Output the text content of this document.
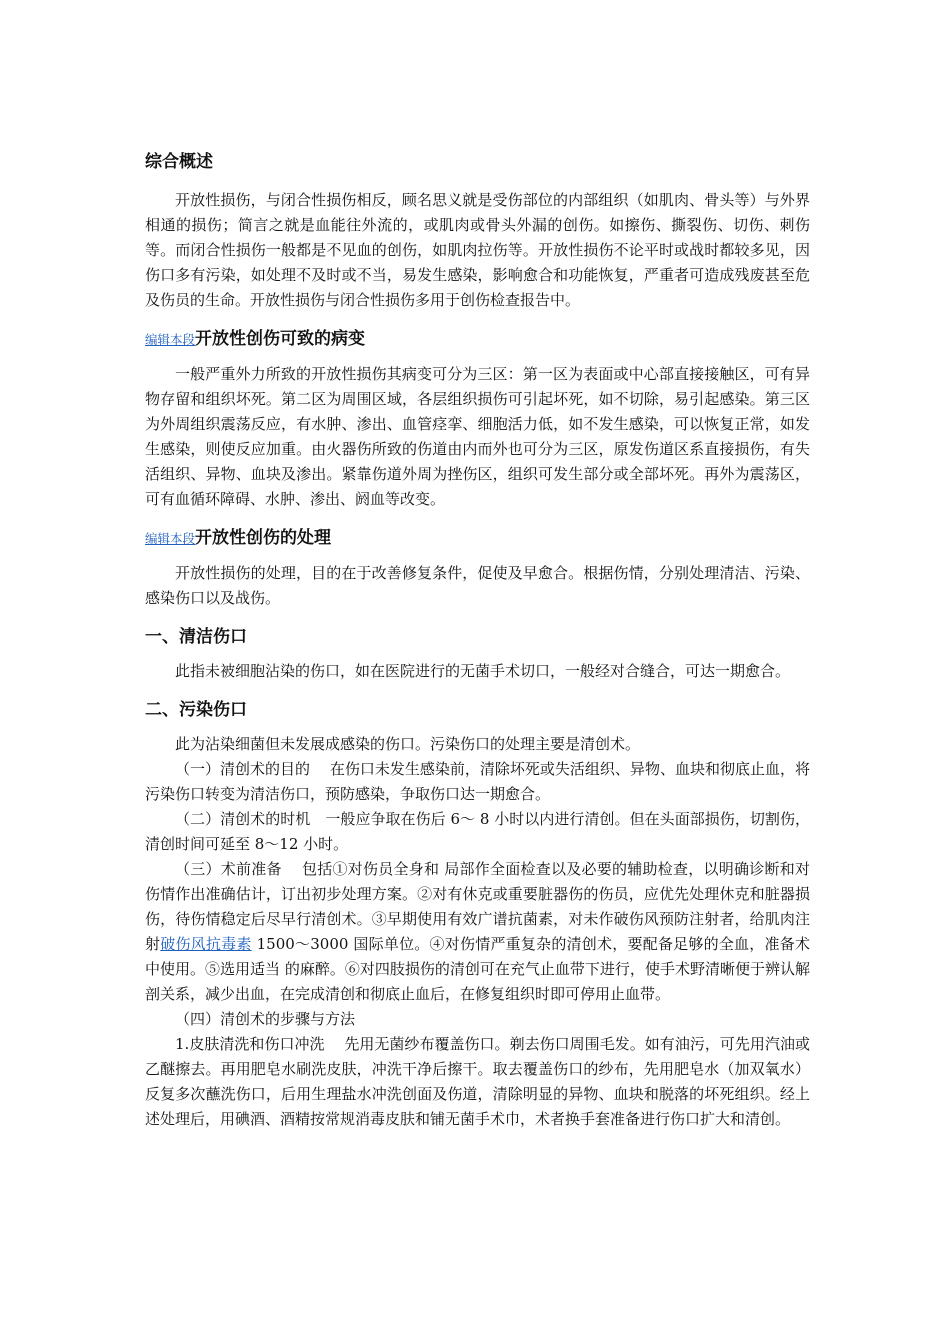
综合概述

开放性损伤，与闭合性损伤相反，顾名思义就是受伤部位的内部组织（如肌肉、骨头等）与外界相通的损伤；简言之就是血能往外流的，或肌肉或骨头外漏的创伤。如擦伤、撕裂伤、切伤、刺伤等。而闭合性损伤一般都是不见血的创伤，如肌肉拉伤等。开放性损伤不论平时或战时都较多见，因伤口多有污染，如处理不及时或不当，易发生感染，影响愈合和功能恢复，严重者可造成残废甚至危及伤员的生命。开放性损伤与闭合性损伤多用于创伤检查报告中。

编辑本段开放性创伤可致的病变

一般严重外力所致的开放性损伤其病变可分为三区：第一区为表面或中心部直接接触区，可有异物存留和组织坏死。第二区为周围区域，各层组织损伤可引起坏死，如不切除，易引起感染。第三区为外周组织震荡反应，有水肿、渗出、血管痉挛、细胞活力低，如不发生感染，可以恢复正常，如发生感染，则使反应加重。由火器伤所致的伤道由内而外也可分为三区，原发伤道区系直接损伤，有失活组织、异物、血块及渗出。紧靠伤道外周为挫伤区，组织可发生部分或全部坏死。再外为震荡区，可有血循环障碍、水肿、渗出、阏血等改变。

编辑本段开放性创伤的处理

开放性损伤的处理，目的在于改善修复条件，促使及早愈合。根据伤情，分别处理清洁、污染、感染伤口以及战伤。

一、清洁伤口

此指未被细胞沾染的伤口，如在医院进行的无菌手术切口，一般经对合缝合，可达一期愈合。

二、污染伤口

此为沾染细菌但未发展成感染的伤口。污染伤口的处理主要是清创术。

（一）清创术的目的　 在伤口未发生感染前，清除坏死或失活组织、异物、血块和彻底止血，将污染伤口转变为清洁伤口，预防感染，争取伤口达一期愈合。

（二）清创术的时机　一般应争取在伤后 6～ 8 小时以内进行清创。但在头面部损伤，切割伤，清创时间可延至 8～12 小时。

（三）术前准备　 包括①对伤员全身和 局部作全面检查以及必要的辅助检查，以明确诊断和对伤情作出准确估计，订出初步处理方案。②对有休克或重要脏器伤的伤员，应优先处理休克和脏器损伤，待伤情稳定后尽早行清创术。③早期使用有效广谱抗菌素，对未作破伤风预防注射者，给肌肉注射破伤风抗毒素 1500～3000 国际单位。④对伤情严重复杂的清创术，要配备足够的全血，准备术中使用。⑤选用适当 的麻醉。⑥对四肢损伤的清创可在充气止血带下进行，使手术野清晰便于辨认解剖关系，减少出血，在完成清创和彻底止血后，在修复组织时即可停用止血带。

（四）清创术的步骤与方法

1.皮肤清洗和伤口冲洗　 先用无菌纱布覆盖伤口。剃去伤口周围毛发。如有油污，可先用汽油或乙醚擦去。再用肥皂水刷洗皮肤，冲洗干净后擦干。取去覆盖伤口的纱布，先用肥皂水（加双氧水）反复多次蘸洗伤口，后用生理盐水冲洗创面及伤道，清除明显的异物、血块和脱落的坏死组织。经上述处理后，用碘酒、酒精按常规消毒皮肤和铺无菌手术巾，术者换手套准备进行伤口扩大和清创。
